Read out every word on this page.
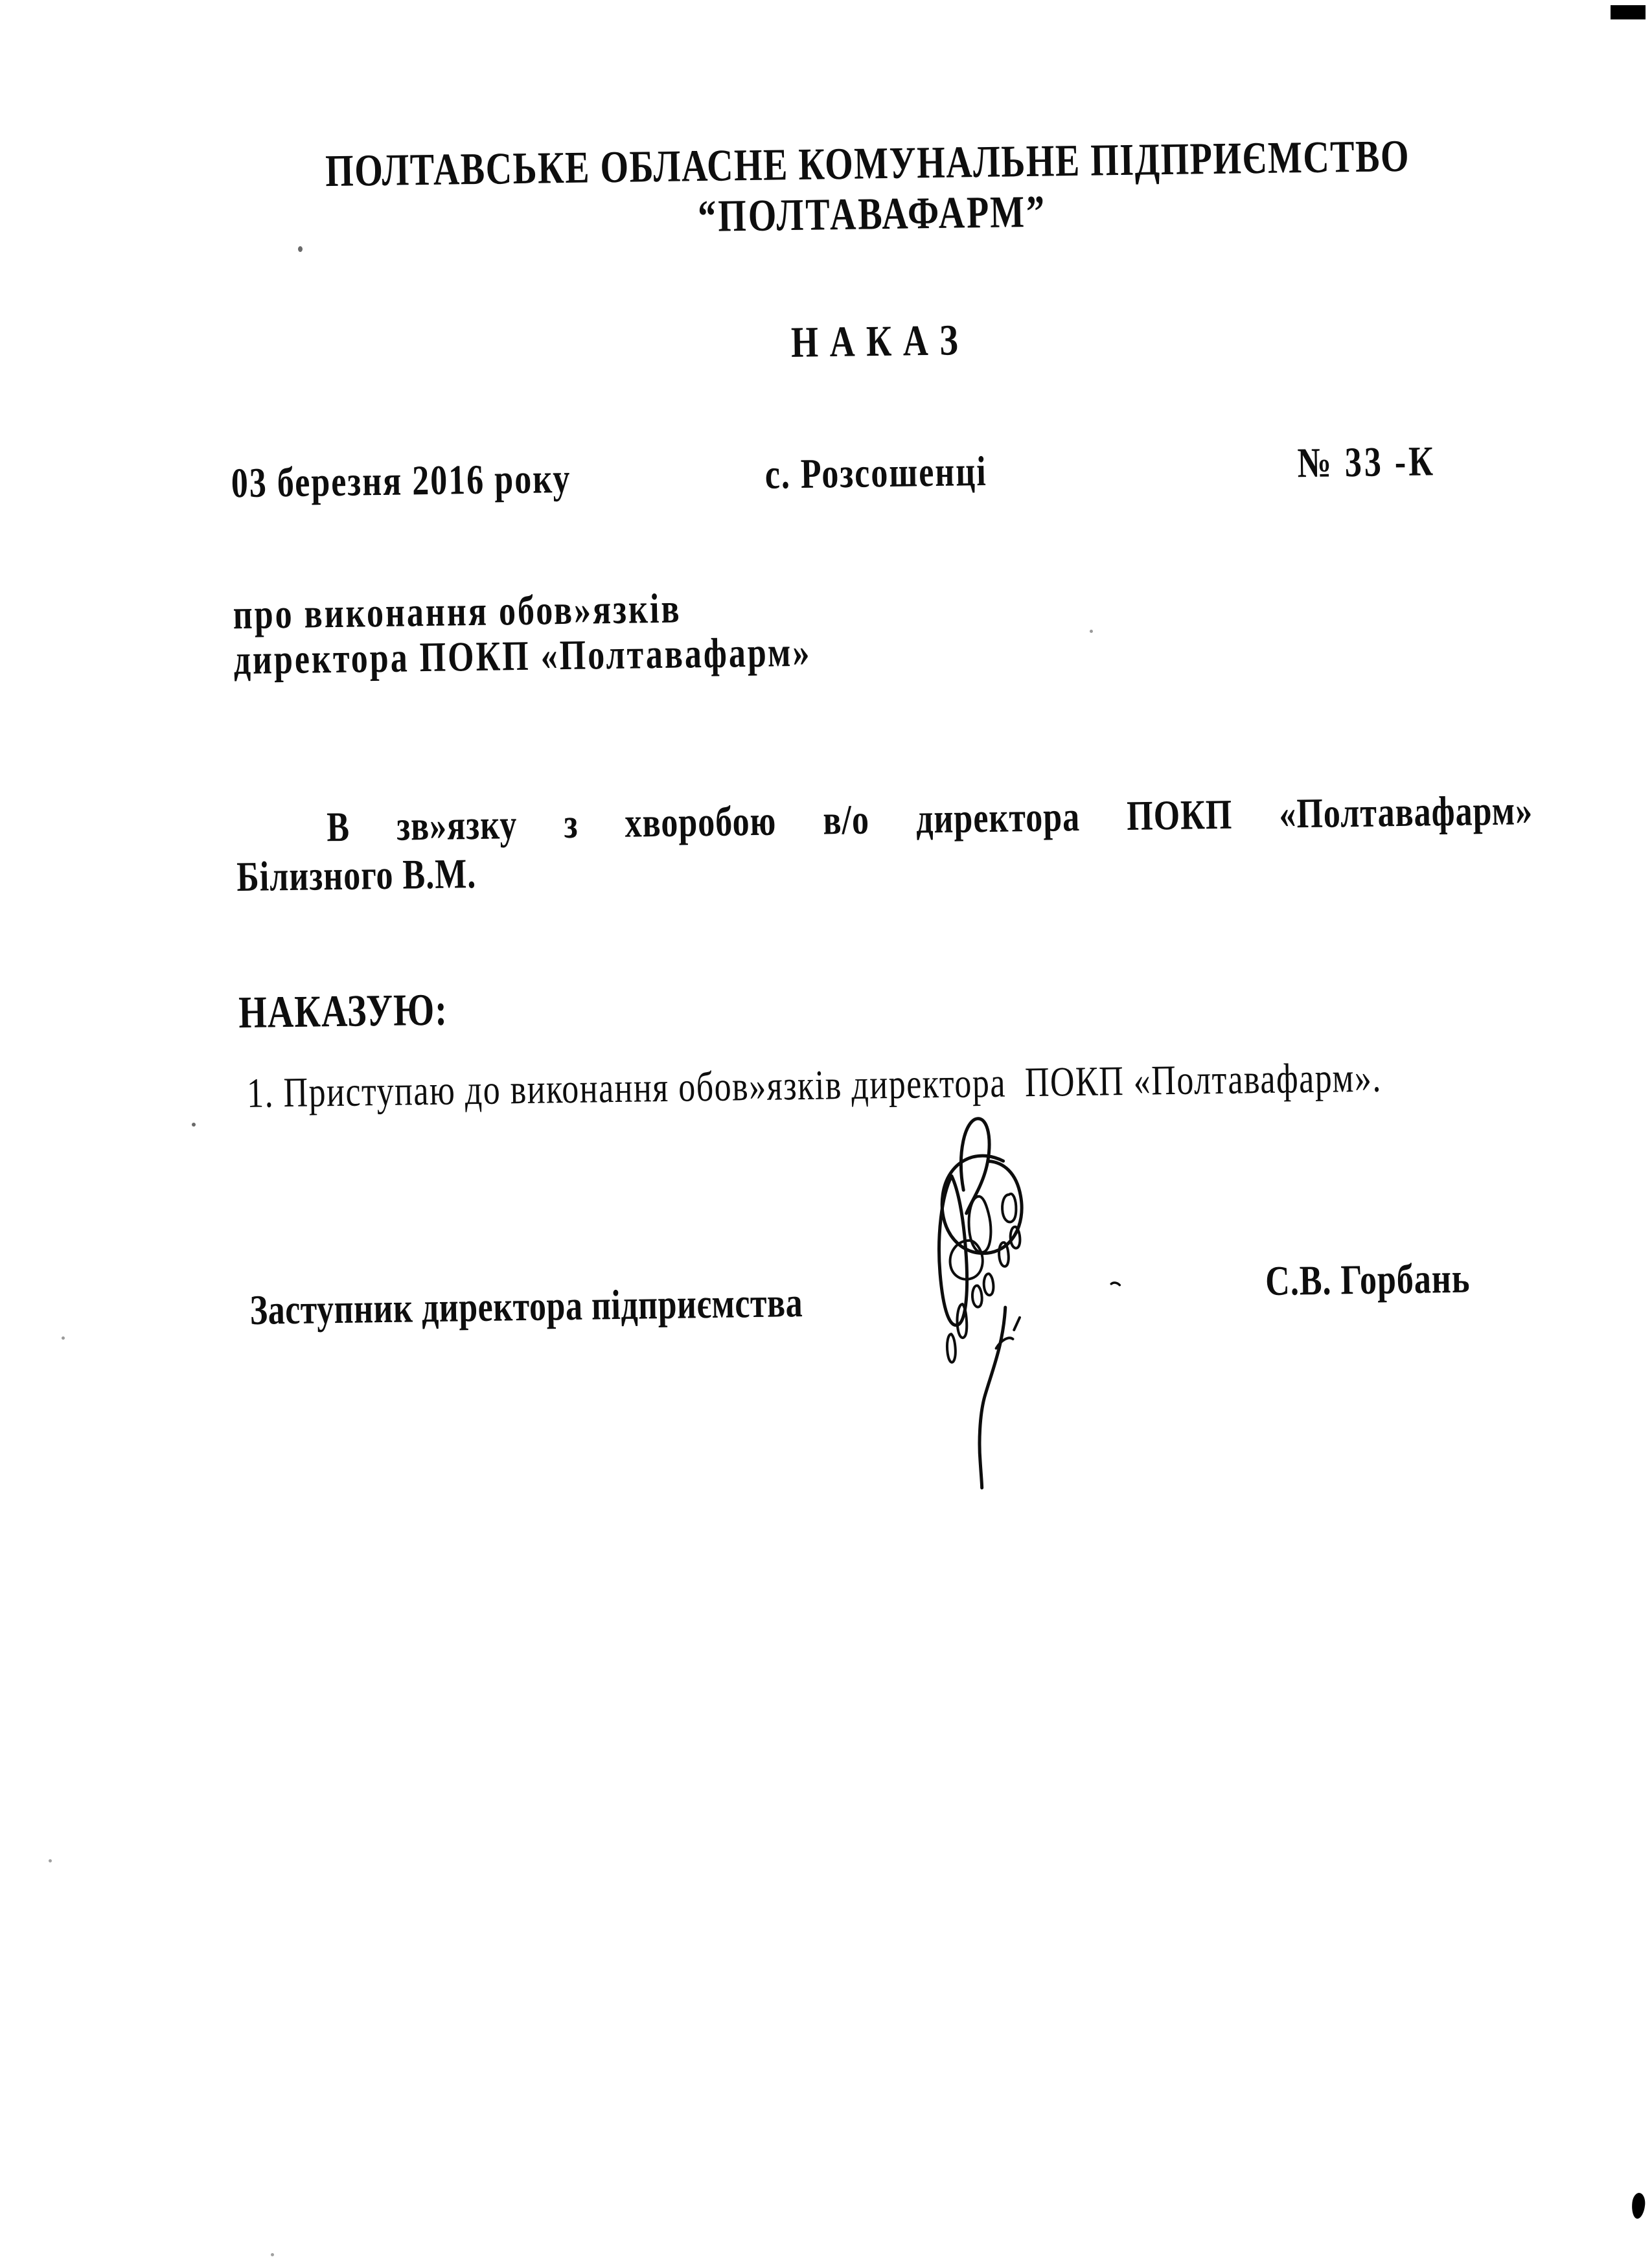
ПОЛТАВСЬКЕ ОБЛАСНЕ КОМУНАЛЬНЕ ПІДПРИЄМСТВО
“ПОЛТАВАФАРМ”
Н А К А З
03 березня 2016 року	с. Розсошенці	№ 33 -К
про виконання обов»язків
директора ПОКП «Полтавафарм»
В зв»язку з хворобою в/о директора ПОКП «Полтавафарм»
Білизного В.М.
НАКАЗУЮ:
1. Приступаю до виконання обов»язків директора  ПОКП «Полтавафарм».
Заступник директора підприємства	С.В. Горбань
